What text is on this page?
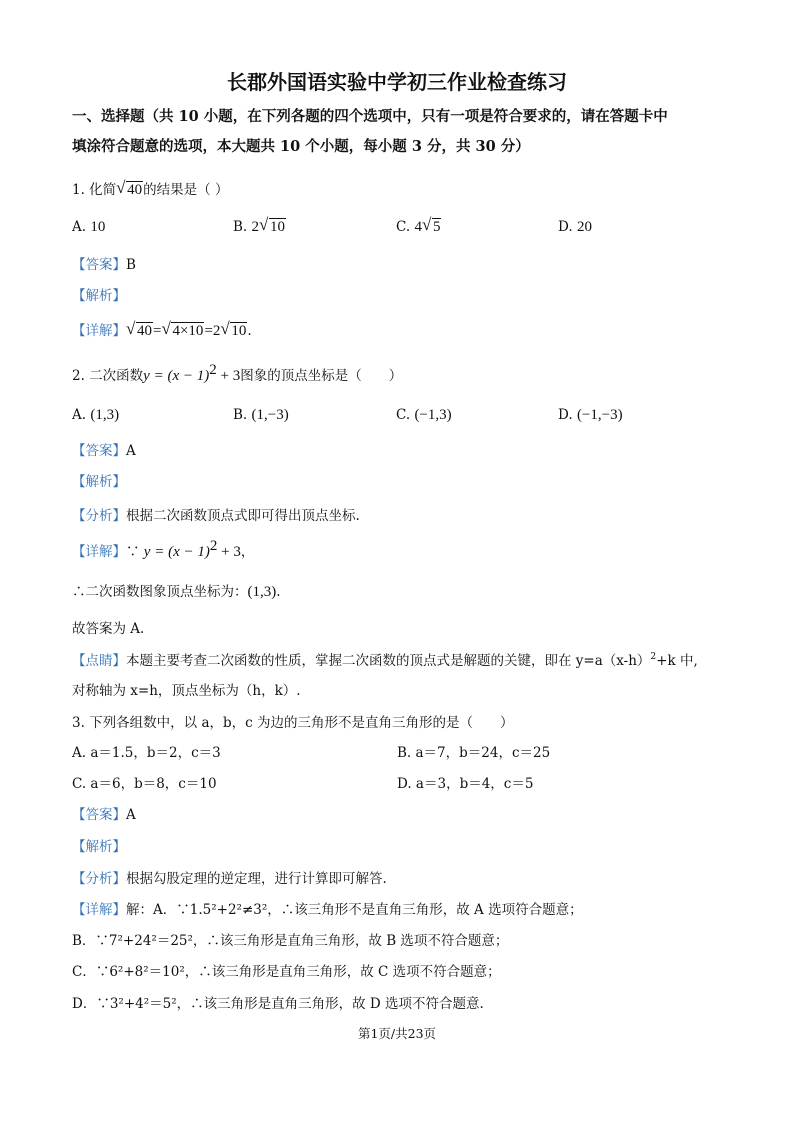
长郡外国语实验中学初三作业检查练习
一、选择题（共 10 小题，在下列各题的四个选项中，只有一项是符合要求的，请在答题卡中
填涂符合题意的选项，本大题共 10 个小题，每小题 3 分，共 30 分）
1. 化简 √ 40的结果是（ ）
A. 10	B. 2 √ 10	C. 4 √ 5	D. 20
【答案】B
【解析】
【详解】 √ 40= √ 4×10=2 √ 10.
2. 二次函数$y = (x - 1)^2 + 3$图象的顶点坐标是（　　）
A. (1,3)	B. (1,−3)	C. (−1,3)	D. (−1,−3)
【答案】A
【解析】
【分析】根据二次函数顶点式即可得出顶点坐标.
【详解】∵ $y = (x - 1)^2 + 3$，
∴二次函数图象顶点坐标为：(1,3).
故答案为 A.
【点睛】本题主要考查二次函数的性质，掌握二次函数的顶点式是解题的关键，即在 $y=a(x-h)^2+k$ 中,
对称轴为 x=h，顶点坐标为（h，k）.
3. 下列各组数中，以 a，b，c 为边的三角形不是直角三角形的是（　　）
A. a＝1.5，b＝2，c＝3	B. a＝7，b＝24，c＝25
C. a＝6，b＝8，c＝10	D. a＝3，b＝4，c＝5
【答案】A
【解析】
【分析】根据勾股定理的逆定理，进行计算即可解答.
【详解】解：A．∵1.5²+2²≠3²，∴该三角形不是直角三角形，故 A 选项符合题意；
B．∵7²+24²＝25²，∴该三角形是直角三角形，故 B 选项不符合题意；
C．∵6²+8²＝10²，∴该三角形是直角三角形，故 C 选项不符合题意；
D．∵3²+4²＝5²，∴该三角形是直角三角形，故 D 选项不符合题意.
第1页/共23页
